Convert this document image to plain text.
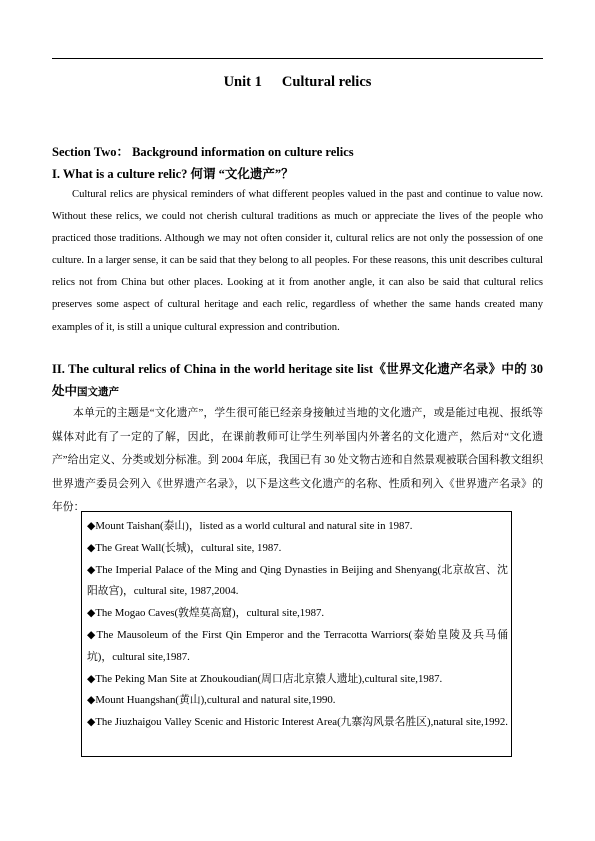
Unit 1 Cultural relics
Section Two： Background information on culture relics
I. What is a culture relic? 何谓 “文化遗产”？

Cultural relics are physical reminders of what different peoples valued in the past and continue to value now. Without these relics, we could not cherish cultural traditions as much or appreciate the lives of the people who practiced those traditions. Although we may not often consider it, cultural relics are not only the possession of one culture. In a larger sense, it can be said that they belong to all peoples. For these reasons, this unit describes cultural relics not from China but other places. Looking at it from another angle, it can also be said that cultural relics preserves some aspect of cultural heritage and each relic, regardless of whether the same hands created many examples of it, is still a unique cultural expression and contribution.

II. The cultural relics of China in the world heritage site list《世界文化遗产名录》中的 30 处中国文遗产

本单元的主题是“文化遗产”，学生很可能已经亲身接触过当地的文化遗产，或是能过电视、报纸等媒体对此有了一定的了解，因此，在课前教师可让学生列举国内外著名的文化遗产，然后对“文化遗产”给出定义、分类或划分标准。到 2004 年底，我国已有 30 处文物古迹和自然景观被联合国科教文组织世界遗产委员会列入《世界遗产名录》，以下是这些文化遗产的名称、性质和列入《世界遗产名录》的年份：

◆Mount Taishan(泰山)，listed as a world cultural and natural site in 1987.

◆The Great Wall(长城)，cultural site, 1987.

◆The Imperial Palace of the Ming and Qing Dynasties in Beijing and Shenyang(北京故宫、沈阳故宫)，cultural site, 1987,2004.

◆The Mogao Caves(敦煌莫高窟)，cultural site,1987.

◆The Mausoleum of the First Qin Emperor and the Terracotta Warriors(泰始皇陵及兵马俑坑)，cultural site,1987.

◆The Peking Man Site at Zhoukoudian(周口店北京猿人遗址),cultural site,1987.

◆Mount Huangshan(黄山),cultural and natural site,1990.

◆The Jiuzhaigou Valley Scenic and Historic Interest Area(九寨沟风景名胜区),natural site,1992.
